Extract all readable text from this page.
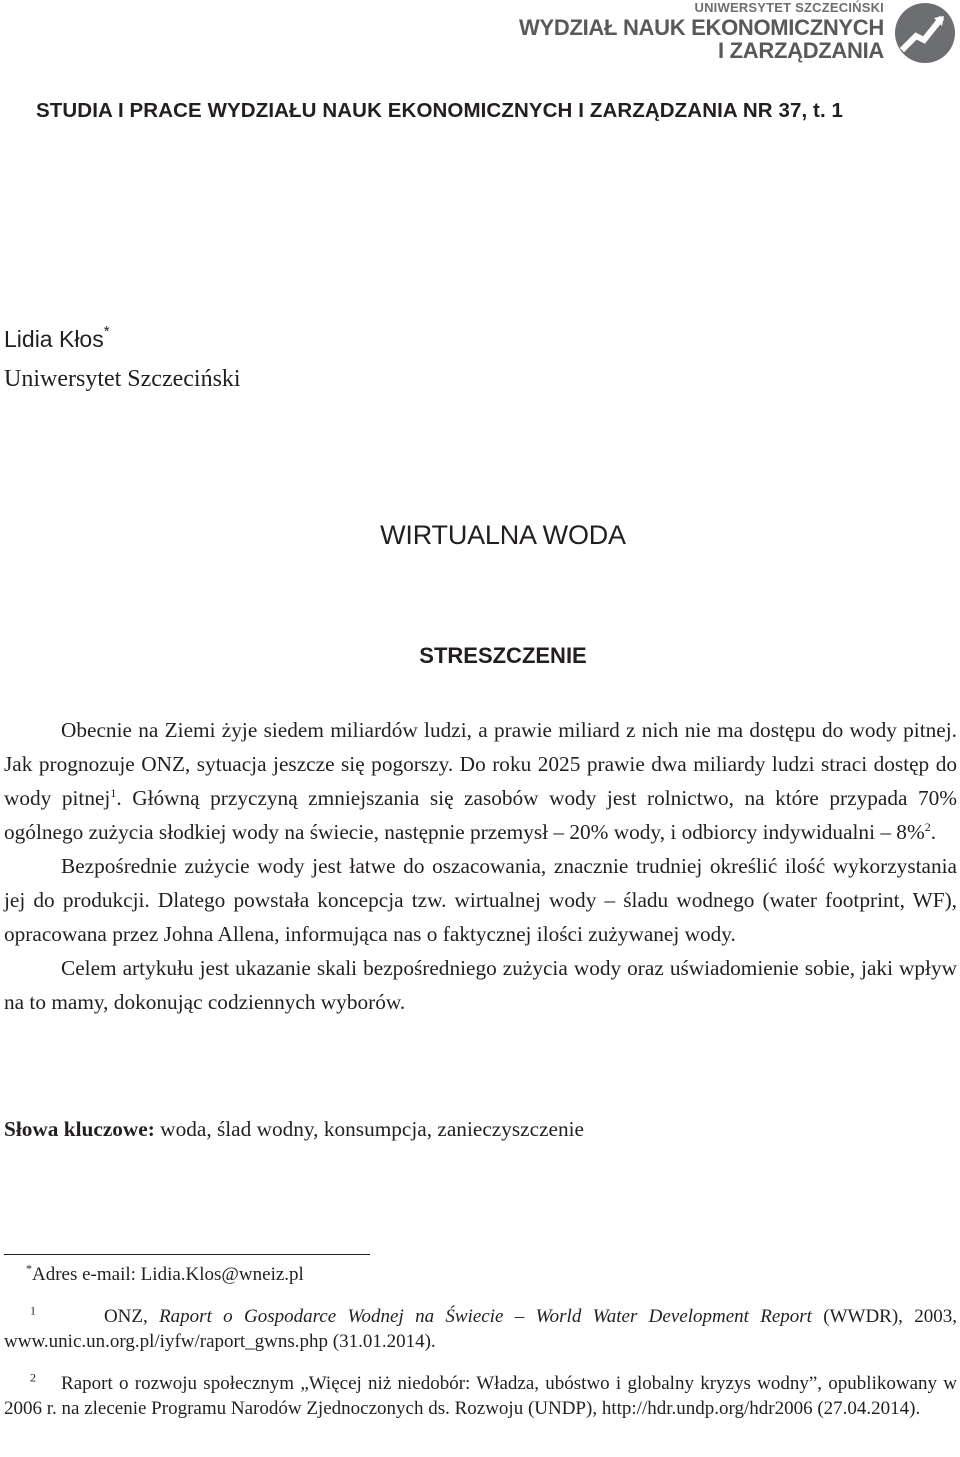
UNIWERSYTET SZCZECIŃSKI
WYDZIAŁ NAUK EKONOMICZNYCH
I ZARZĄDZANIA
STUDIA I PRACE WYDZIAŁU NAUK EKONOMICZNYCH I ZARZĄDZANIA NR 37, t. 1
Lidia Kłos*
Uniwersytet Szczeciński
WIRTUALNA WODA
STRESZCZENIE

Obecnie na Ziemi żyje siedem miliardów ludzi, a prawie miliard z nich nie ma dostępu do wody pitnej. Jak prognozuje ONZ, sytuacja jeszcze się pogorszy. Do roku 2025 prawie dwa miliardy ludzi straci dostęp do wody pitnej$^1$. Główną przyczyną zmniejszania się zasobów wody jest rolnictwo, na które przypada 70% ogólnego zużycia słodkiej wody na świecie, następnie przemysł – 20% wody, i odbiorcy indywidualni – 8%$^2$.

Bezpośrednie zużycie wody jest łatwe do oszacowania, znacznie trudniej określić ilość wykorzystania jej do produkcji. Dlatego powstała koncepcja tzw. wirtualnej wody – śladu wodnego (water footprint, WF), opracowana przez Johna Allena, informująca nas o faktycznej ilości zużywanej wody.

Celem artykułu jest ukazanie skali bezpośredniego zużycia wody oraz uświadomienie sobie, jaki wpływ na to mamy, dokonując codziennych wyborów.

Słowa kluczowe: woda, ślad wodny, konsumpcja, zanieczyszczenie

*Adres e-mail: Lidia.Klos@wneiz.pl

$^1$	ONZ, Raport o Gospodarce Wodnej na Świecie – World Water Development Report (WWDR), 2003, www.unic.un.org.pl/iyfw/raport_gwns.php (31.01.2014).

$^2$ Raport o rozwoju społecznym „Więcej niż niedobór: Władza, ubóstwo i globalny kryzys wodny”, opublikowany w 2006 r. na zlecenie Programu Narodów Zjednoczonych ds. Rozwoju (UNDP), http://hdr.undp.org/hdr2006 (27.04.2014).
